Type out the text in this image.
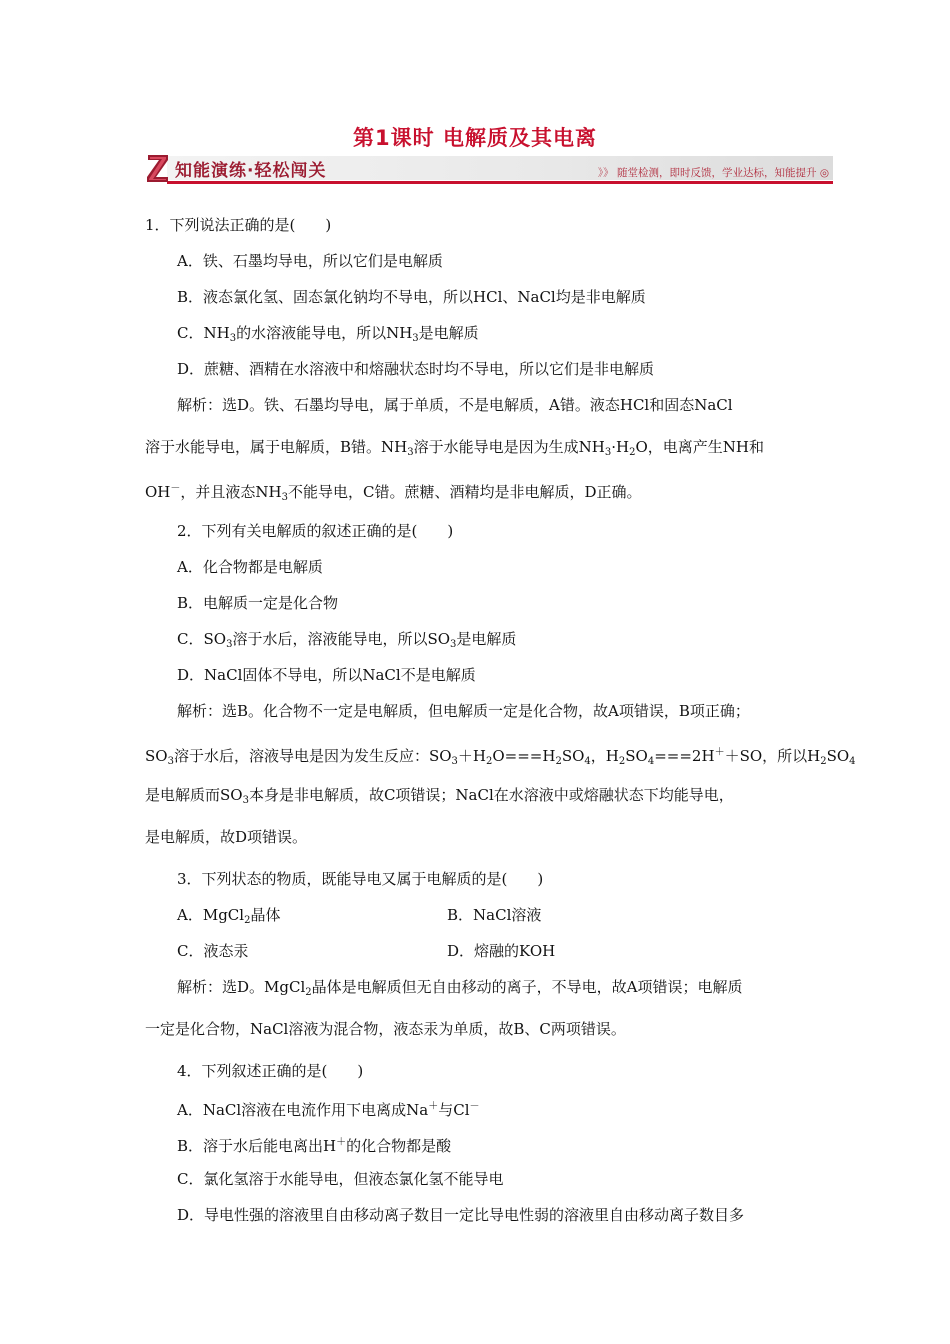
第1课时 电解质及其电离
知能演练·轻松闯关	》》 随堂检测，即时反馈，学业达标，知能提升 ◎
1．下列说法正确的是(　　)
A．铁、石墨均导电，所以它们是电解质
B．液态氯化氢、固态氯化钠均不导电，所以HCl、NaCl均是非电解质
C．$NH_3$的水溶液能导电，所以$NH_3$是电解质
D．蔗糖、酒精在水溶液中和熔融状态时均不导电，所以它们是非电解质
解析：选D。铁、石墨均导电，属于单质，不是电解质，A错。液态HCl和固态NaCl
溶于水能导电，属于电解质，B错。$NH_3$溶于水能导电是因为生成$NH_3\cdot H_2O$，电离产生NH和
OH－，并且液态$NH_3$不能导电，C错。蔗糖、酒精均是非电解质，D正确。
2．下列有关电解质的叙述正确的是(　　)
A．化合物都是电解质
B．电解质一定是化合物
C．$SO_3$溶于水后，溶液能导电，所以$SO_3$是电解质
D．NaCl固体不导电，所以NaCl不是电解质
解析：选B。化合物不一定是电解质，但电解质一定是化合物，故A项错误，B项正确；
$SO_3$溶于水后，溶液导电是因为发生反应：$SO_3+H_2O===H_2SO_4$，$H_2SO_4===2H^++SO$，所以$H_2SO_4$
是电解质而$SO_3$本身是非电解质，故C项错误；NaCl在水溶液中或熔融状态下均能导电，
是电解质，故D项错误。
3．下列状态的物质，既能导电又属于电解质的是(　　)
A．MgCl$_2$晶体	B．NaCl溶液
C．液态汞	D．熔融的KOH
解析：选D。MgCl$_2$晶体是电解质但无自由移动的离子，不导电，故A项错误；电解质
一定是化合物，NaCl溶液为混合物，液态汞为单质，故B、C两项错误。
4．下列叙述正确的是(　　)
A．NaCl溶液在电流作用下电离成Na＋与Cl－
B．溶于水后能电离出H＋的化合物都是酸
C．氯化氢溶于水能导电，但液态氯化氢不能导电
D．导电性强的溶液里自由移动离子数目一定比导电性弱的溶液里自由移动离子数目多
